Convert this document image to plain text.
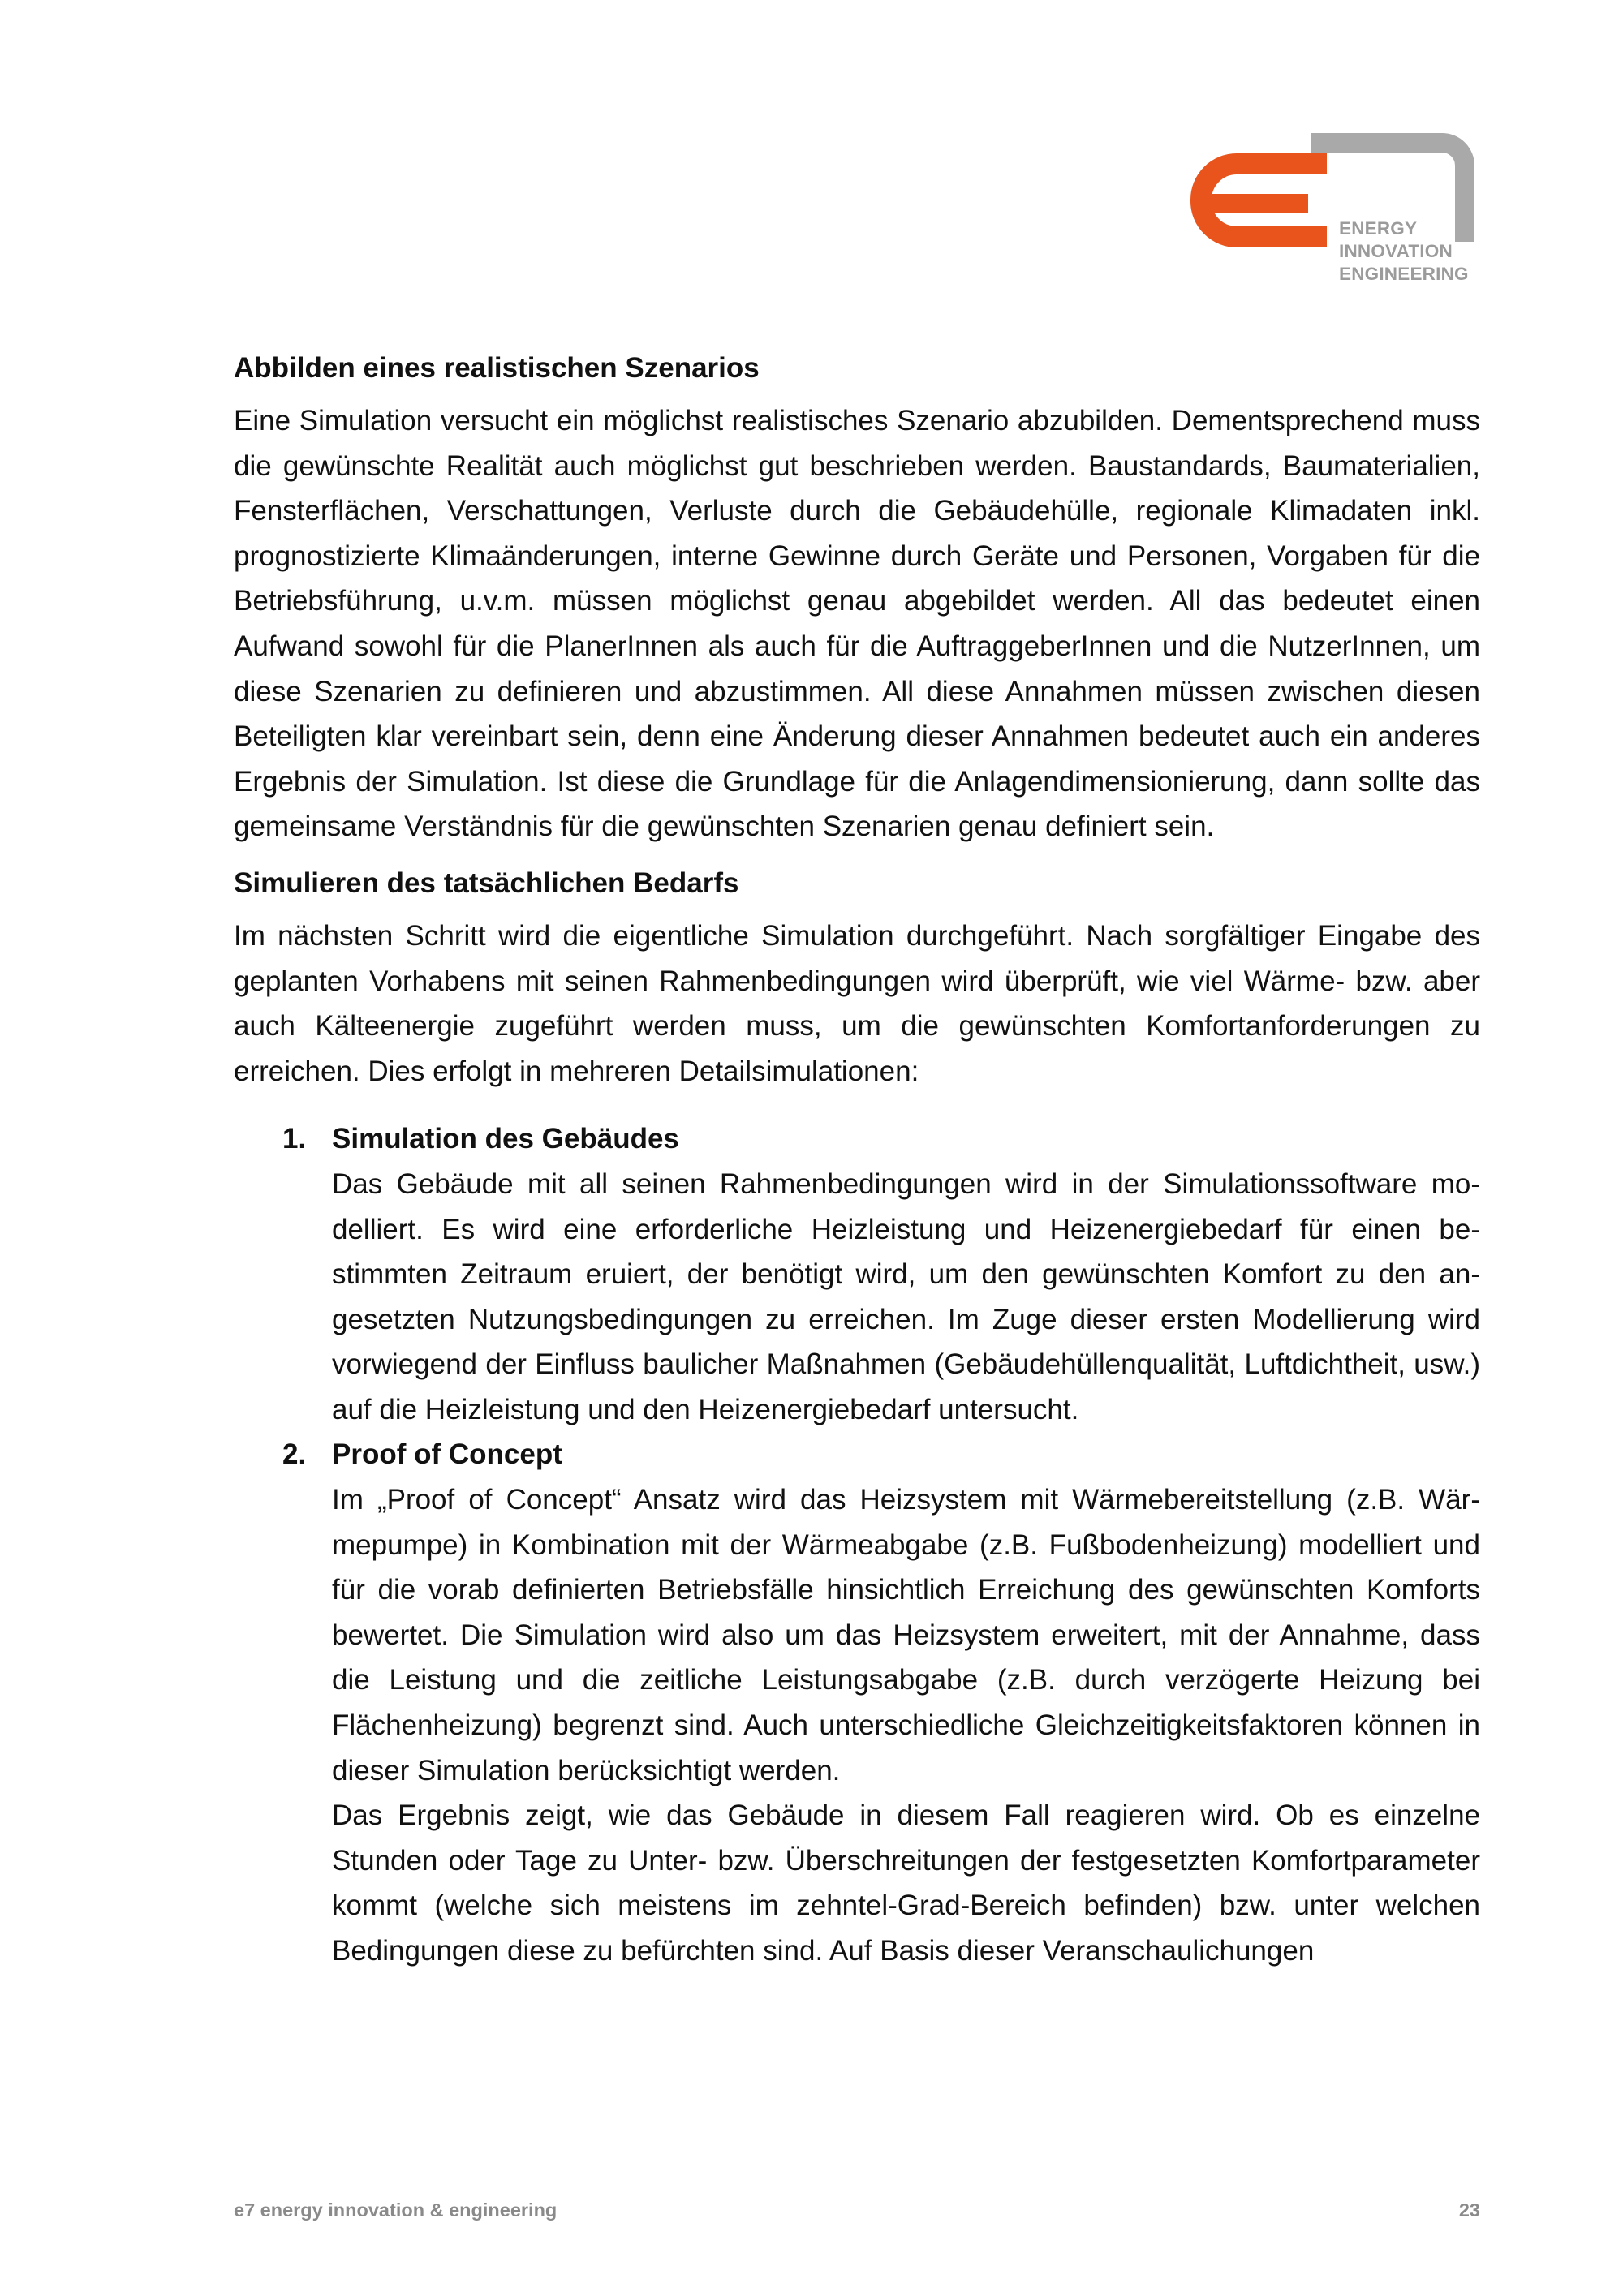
ENERGY
INNOVATION
ENGINEERING
Abbilden eines realistischen Szenarios

Eine Simulation versucht ein möglichst realistisches Szenario abzubilden. Dementsprechend muss die gewünschte Realität auch möglichst gut beschrieben werden. Baustandards, Baumaterialien, Fensterflächen, Verschattungen, Verluste durch die Gebäudehülle, regionale Klimadaten inkl. prognostizierte Klimaänderungen, interne Gewinne durch Geräte und Personen, Vorgaben für die Betriebsführung, u.v.m. müssen möglichst genau abgebildet werden. All das bedeutet einen Aufwand sowohl für die PlanerInnen als auch für die AuftraggeberInnen und die NutzerInnen, um diese Szenarien zu definieren und abzustimmen. All diese Annahmen müssen zwischen diesen Beteiligten klar vereinbart sein, denn eine Änderung dieser Annahmen bedeutet auch ein anderes Ergebnis der Simulation. Ist diese die Grundlage für die Anlagendimensionierung, dann sollte das gemeinsame Verständnis für die gewünschten Szenarien genau definiert sein.

Simulieren des tatsächlichen Bedarfs

Im nächsten Schritt wird die eigentliche Simulation durchgeführt. Nach sorgfältiger Eingabe des geplanten Vorhabens mit seinen Rahmenbedingungen wird überprüft, wie viel Wärme- bzw. aber auch Kälteenergie zugeführt werden muss, um die gewünschten Komfortanforderungen zu erreichen. Dies erfolgt in mehreren Detailsimulationen:

1. Simulation des Gebäudes

Das Gebäude mit all seinen Rahmenbedingungen wird in der Simulationssoftware modelliert. Es wird eine erforderliche Heizleistung und Heizenergiebedarf für einen bestimmten Zeitraum eruiert, der benötigt wird, um den gewünschten Komfort zu den angesetzten Nutzungsbedingungen zu erreichen. Im Zuge dieser ersten Modellierung wird vorwiegend der Einfluss baulicher Maßnahmen (Gebäudehüllenqualität, Luftdichtheit, usw.) auf die Heizleistung und den Heizenergiebedarf untersucht.

2. Proof of Concept

Im „Proof of Concept“ Ansatz wird das Heizsystem mit Wärmebereitstellung (z.B. Wärmepumpe) in Kombination mit der Wärmeabgabe (z.B. Fußbodenheizung) modelliert und für die vorab definierten Betriebsfälle hinsichtlich Erreichung des gewünschten Komforts bewertet. Die Simulation wird also um das Heizsystem erweitert, mit der Annahme, dass die Leistung und die zeitliche Leistungsabgabe (z.B. durch verzögerte Heizung bei Flächenheizung) begrenzt sind. Auch unterschiedliche Gleichzeitigkeitsfaktoren können in dieser Simulation berücksichtigt werden.

Das Ergebnis zeigt, wie das Gebäude in diesem Fall reagieren wird. Ob es einzelne Stunden oder Tage zu Unter- bzw. Überschreitungen der festgesetzten Komfortparameter kommt (welche sich meistens im zehntel-Grad-Bereich befinden) bzw. unter welchen Bedingungen diese zu befürchten sind. Auf Basis dieser Veranschaulichungen

e7 energy innovation & engineering	23
